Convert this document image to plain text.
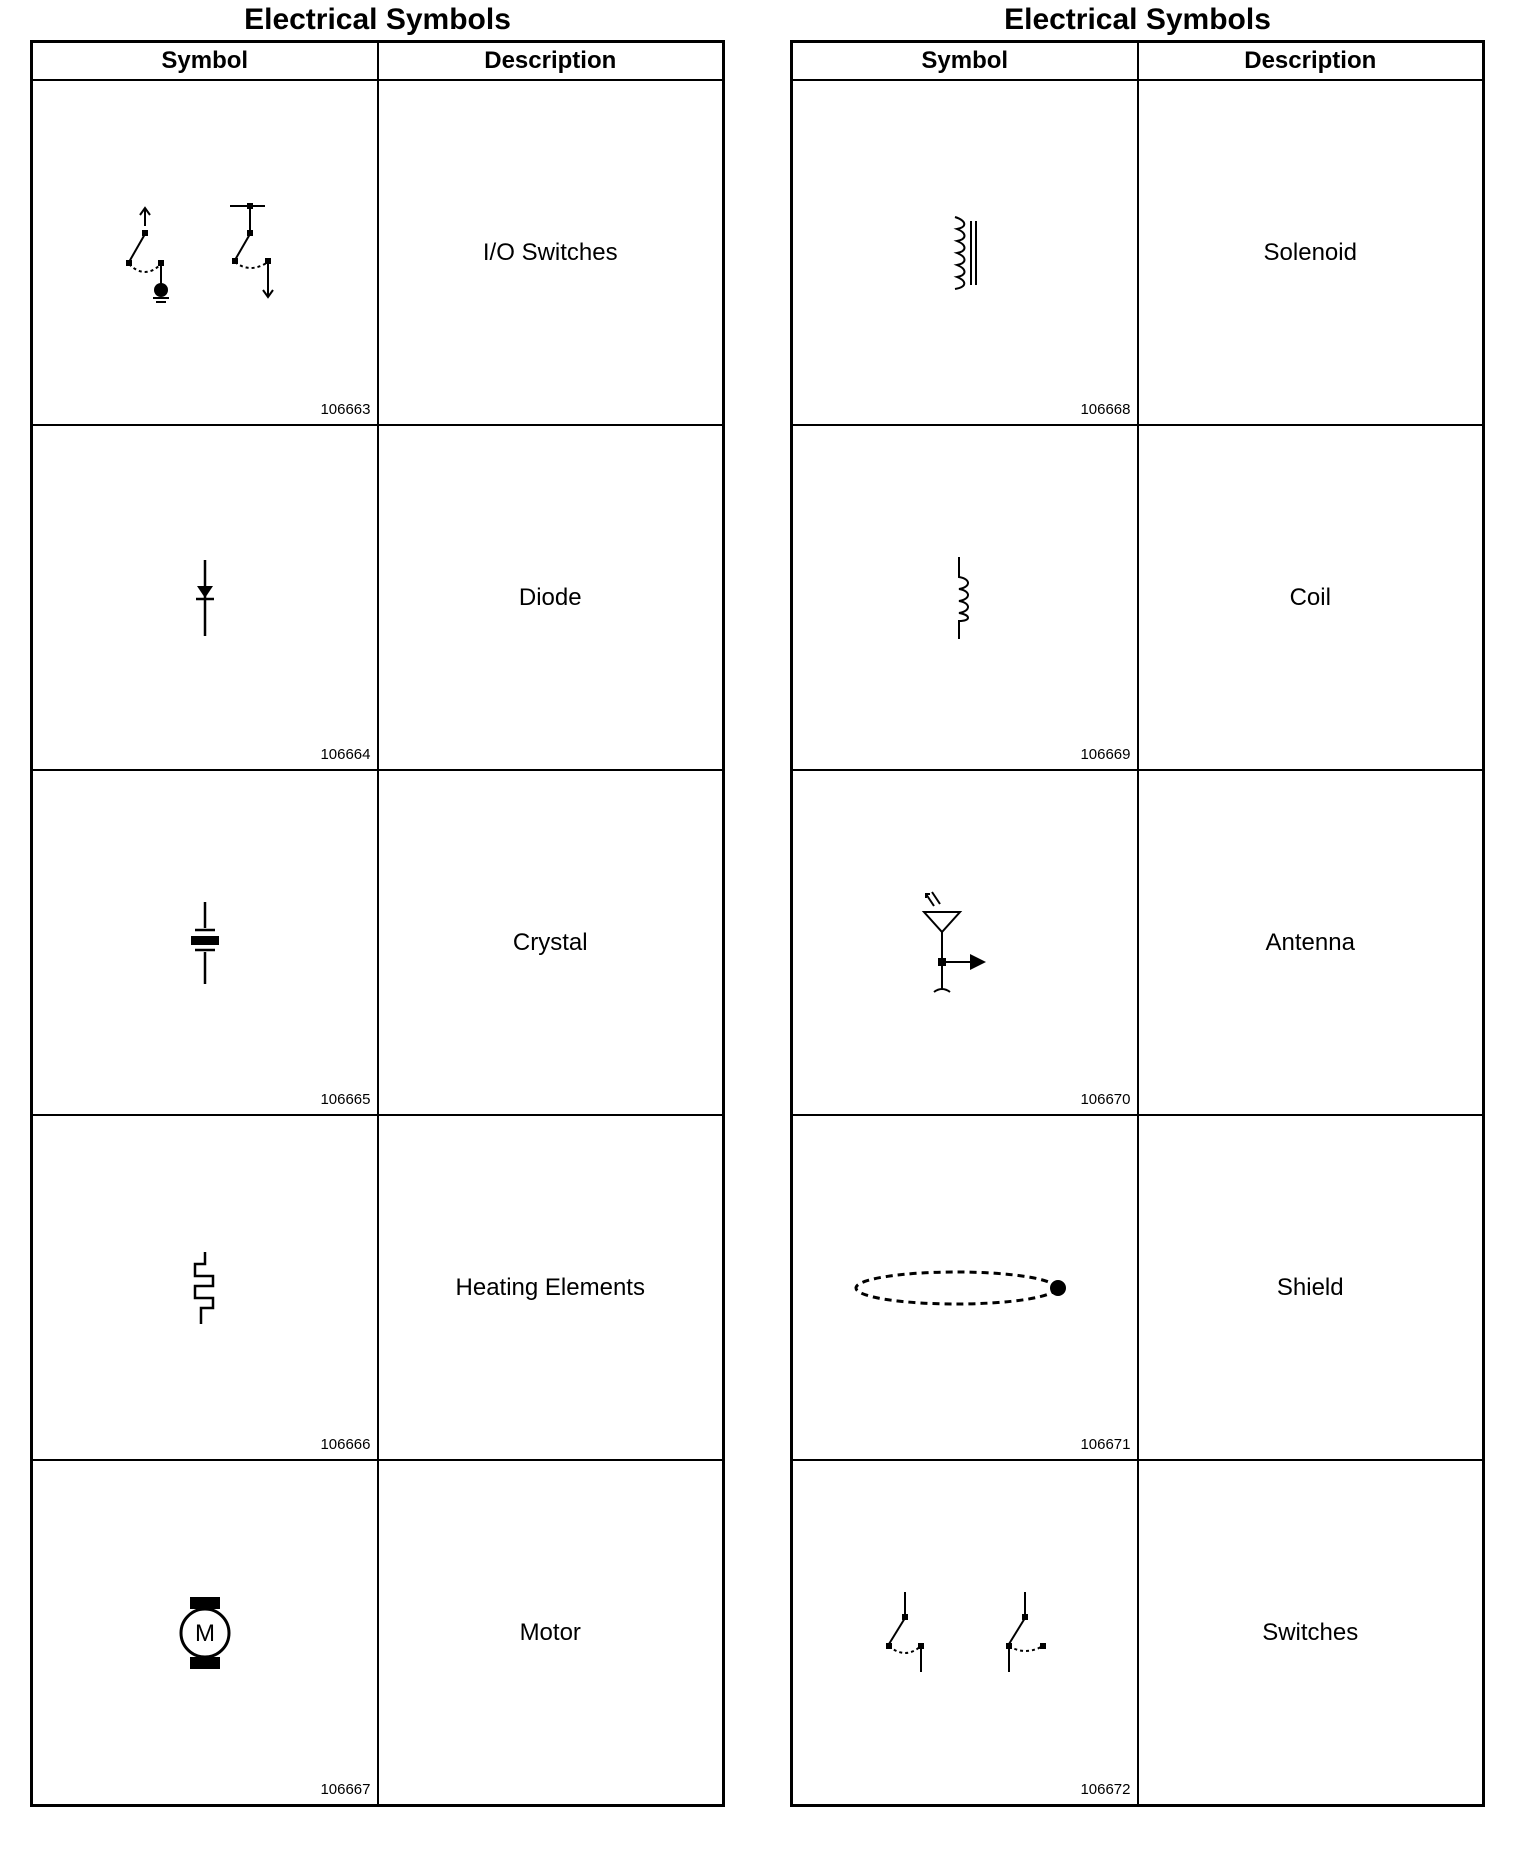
Electrical Symbols
Symbol	Description

106663	I/O Switches

106664	Diode

106665	Crystal

106666	Heating Elements

M
106667	Motor
Electrical Symbols
Symbol	Description

106668	Solenoid

106669	Coil

106670	Antenna

106671	Shield

106672	Switches
